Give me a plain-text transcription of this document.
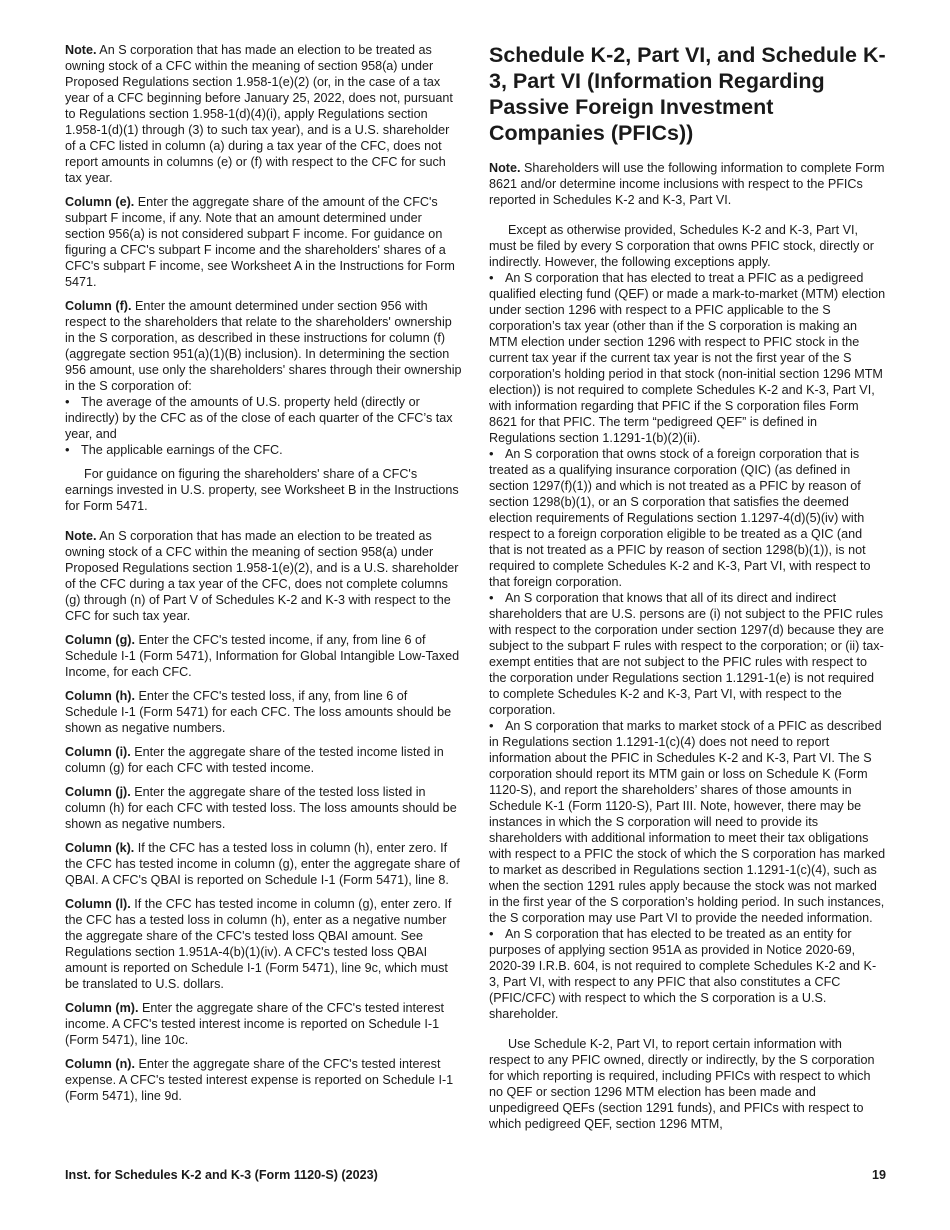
Note. An S corporation that has made an election to be treated as owning stock of a CFC within the meaning of section 958(a) under Proposed Regulations section 1.958-1(e)(2) (or, in the case of a tax year of a CFC beginning before January 25, 2022, does not, pursuant to Regulations section 1.958-1(d)(4)(i), apply Regulations section 1.958-1(d)(1) through (3) to such tax year), and is a U.S. shareholder of a CFC listed in column (a) during a tax year of the CFC, does not report amounts in columns (e) or (f) with respect to the CFC for such tax year.

Column (e). Enter the aggregate share of the amount of the CFC's subpart F income, if any. Note that an amount determined under section 956(a) is not considered subpart F income. For guidance on figuring a CFC's subpart F income and the shareholders' shares of a CFC's subpart F income, see Worksheet A in the Instructions for Form 5471.

Column (f). Enter the amount determined under section 956 with respect to the shareholders that relate to the shareholders' ownership in the S corporation, as described in these instructions for column (f) (aggregate section 951(a)(1)(B) inclusion). In determining the section 956 amount, use only the shareholders' shares through their ownership in the S corporation of:

• The average of the amounts of U.S. property held (directly or indirectly) by the CFC as of the close of each quarter of the CFC’s tax year, and
• The applicable earnings of the CFC.

For guidance on figuring the shareholders' share of a CFC's earnings invested in U.S. property, see Worksheet B in the Instructions for Form 5471.

Note. An S corporation that has made an election to be treated as owning stock of a CFC within the meaning of section 958(a) under Proposed Regulations section 1.958-1(e)(2), and is a U.S. shareholder of the CFC during a tax year of the CFC, does not complete columns (g) through (n) of Part V of Schedules K-2 and K-3 with respect to the CFC for such tax year.

Column (g). Enter the CFC's tested income, if any, from line 6 of Schedule I-1 (Form 5471), Information for Global Intangible Low-Taxed Income, for each CFC.

Column (h). Enter the CFC's tested loss, if any, from line 6 of Schedule I-1 (Form 5471) for each CFC. The loss amounts should be shown as negative numbers.

Column (i). Enter the aggregate share of the tested income listed in column (g) for each CFC with tested income.

Column (j). Enter the aggregate share of the tested loss listed in column (h) for each CFC with tested loss. The loss amounts should be shown as negative numbers.

Column (k). If the CFC has a tested loss in column (h), enter zero. If the CFC has tested income in column (g), enter the aggregate share of QBAI. A CFC's QBAI is reported on Schedule I-1 (Form 5471), line 8.

Column (l). If the CFC has tested income in column (g), enter zero. If the CFC has a tested loss in column (h), enter as a negative number the aggregate share of the CFC's tested loss QBAI amount. See Regulations section 1.951A-4(b)(1)(iv). A CFC's tested loss QBAI amount is reported on Schedule I-1 (Form 5471), line 9c, which must be translated to U.S. dollars.

Column (m). Enter the aggregate share of the CFC's tested interest income. A CFC's tested interest income is reported on Schedule I-1 (Form 5471), line 10c.

Column (n). Enter the aggregate share of the CFC's tested interest expense. A CFC's tested interest expense is reported on Schedule I-1 (Form 5471), line 9d.

Schedule K-2, Part VI, and Schedule K-3, Part VI (Information Regarding Passive Foreign Investment Companies (PFICs))

Note. Shareholders will use the following information to complete Form 8621 and/or determine income inclusions with respect to the PFICs reported in Schedules K-2 and K-3, Part VI.

Except as otherwise provided, Schedules K-2 and K-3, Part VI, must be filed by every S corporation that owns PFIC stock, directly or indirectly. However, the following exceptions apply.

• An S corporation that has elected to treat a PFIC as a pedigreed qualified electing fund (QEF) or made a mark-to-market (MTM) election under section 1296 with respect to a PFIC applicable to the S corporation’s tax year (other than if the S corporation is making an MTM election under section 1296 with respect to PFIC stock in the current tax year if the current tax year is not the first year of the S corporation’s holding period in that stock (non-initial section 1296 MTM election)) is not required to complete Schedules K-2 and K-3, Part VI, with information regarding that PFIC if the S corporation files Form 8621 for that PFIC. The term “pedigreed QEF” is defined in Regulations section 1.1291-1(b)(2)(ii).
• An S corporation that owns stock of a foreign corporation that is treated as a qualifying insurance corporation (QIC) (as defined in section 1297(f)(1)) and which is not treated as a PFIC by reason of section 1298(b)(1), or an S corporation that satisfies the deemed election requirements of Regulations section 1.1297-4(d)(5)(iv) with respect to a foreign corporation eligible to be treated as a QIC (and that is not treated as a PFIC by reason of section 1298(b)(1)), is not required to complete Schedules K-2 and K-3, Part VI, with respect to that foreign corporation.
• An S corporation that knows that all of its direct and indirect shareholders that are U.S. persons are (i) not subject to the PFIC rules with respect to the corporation under section 1297(d) because they are subject to the subpart F rules with respect to the corporation; or (ii) tax-exempt entities that are not subject to the PFIC rules with respect to the corporation under Regulations section 1.1291-1(e) is not required to complete Schedules K-2 and K-3, Part VI, with respect to the corporation.
• An S corporation that marks to market stock of a PFIC as described in Regulations section 1.1291-1(c)(4) does not need to report information about the PFIC in Schedules K-2 and K-3, Part VI. The S corporation should report its MTM gain or loss on Schedule K (Form 1120-S), and report the shareholders’ shares of those amounts in Schedule K-1 (Form 1120-S), Part III. Note, however, there may be instances in which the S corporation will need to provide its shareholders with additional information to meet their tax obligations with respect to a PFIC the stock of which the S corporation has marked to market as described in Regulations section 1.1291-1(c)(4), such as when the section 1291 rules apply because the stock was not marked in the first year of the S corporation’s holding period. In such instances, the S corporation may use Part VI to provide the needed information.
• An S corporation that has elected to be treated as an entity for purposes of applying section 951A as provided in Notice 2020-69, 2020-39 I.R.B. 604, is not required to complete Schedules K-2 and K-3, Part VI, with respect to any PFIC that also constitutes a CFC (PFIC/CFC) with respect to which the S corporation is a U.S. shareholder.

Use Schedule K-2, Part VI, to report certain information with respect to any PFIC owned, directly or indirectly, by the S corporation for which reporting is required, including PFICs with respect to which no QEF or section 1296 MTM election has been made and unpedigreed QEFs (section 1291 funds), and PFICs with respect to which pedigreed QEF, section 1296 MTM,

Inst. for Schedules K-2 and K-3 (Form 1120-S) (2023)	19
